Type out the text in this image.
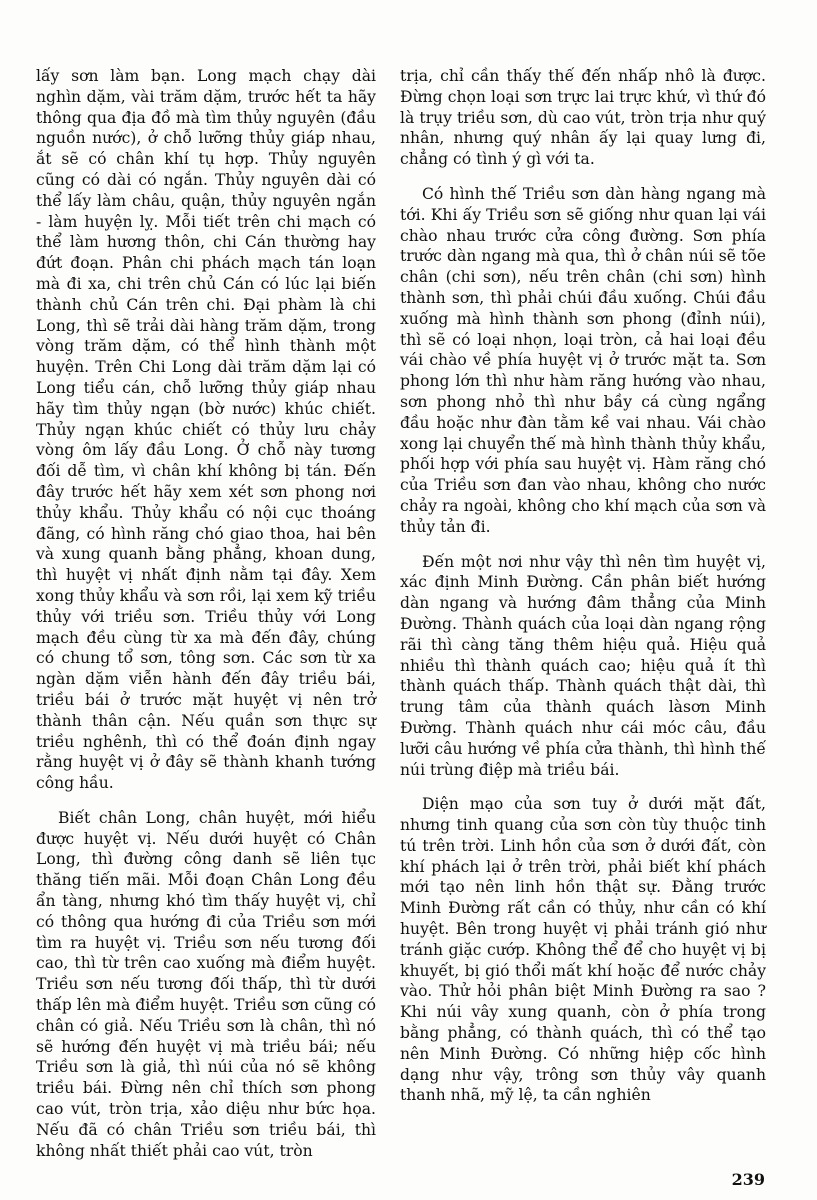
lấy sơn làm bạn. Long mạch chạy dài nghìn dặm, vài trăm dặm, trước hết ta hãy thông qua địa đồ mà tìm thủy nguyên (đầu nguồn nước), ở chỗ lưỡng thủy giáp nhau, ắt sẽ có chân khí tụ hợp. Thủy nguyên cũng có dài có ngắn. Thủy nguyên dài có thể lấy làm châu, quận, thủy nguyên ngắn - làm huyện lỵ. Mỗi tiết trên chi mạch có thể làm hương thôn, chi Cán thường hay đứt đoạn. Phân chi phách mạch tán loạn mà đi xa, chi trên chủ Cán có lúc lại biến thành chủ Cán trên chi. Đại phàm là chi Long, thì sẽ trải dài hàng trăm dặm, trong vòng trăm dặm, có thể hình thành một huyện. Trên Chi Long dài trăm dặm lại có Long tiểu cán, chỗ lưỡng thủy giáp nhau hãy tìm thủy ngạn (bờ nước) khúc chiết. Thủy ngạn khúc chiết có thủy lưu chảy vòng ôm lấy đầu Long. Ở chỗ này tương đối dễ tìm, vì chân khí không bị tán. Đến đây trước hết hãy xem xét sơn phong nơi thủy khẩu. Thủy khẩu có nội cục thoáng đãng, có hình răng chó giao thoa, hai bên và xung quanh bằng phẳng, khoan dung, thì huyệt vị nhất định nằm tại đây. Xem xong thủy khẩu và sơn rồi, lại xem kỹ triều thủy với triều sơn. Triều thủy với Long mạch đều cùng từ xa mà đến đây, chúng có chung tổ sơn, tông sơn. Các sơn từ xa ngàn dặm viễn hành đến đây triều bái, triều bái ở trước mặt huyệt vị nên trở thành thân cận. Nếu quần sơn thực sự triều nghênh, thì có thể đoán định ngay rằng huyệt vị ở đây sẽ thành khanh tướng công hầu.

Biết chân Long, chân huyệt, mới hiểu được huyệt vị. Nếu dưới huyệt có Chân Long, thì đường công danh sẽ liên tục thăng tiến mãi. Mỗi đoạn Chân Long đều ẩn tàng, nhưng khó tìm thấy huyệt vị, chỉ có thông qua hướng đi của Triều sơn mới tìm ra huyệt vị. Triều sơn nếu tương đối cao, thì từ trên cao xuống mà điểm huyệt. Triều sơn nếu tương đối thấp, thì từ dưới thấp lên mà điểm huyệt. Triều sơn cũng có chân có giả. Nếu Triều sơn là chân, thì nó sẽ hướng đến huyệt vị mà triều bái; nếu Triều sơn là giả, thì núi của nó sẽ không triều bái. Đừng nên chỉ thích sơn phong cao vút, tròn trịa, xảo diệu như bức họa. Nếu đã có chân Triều sơn triều bái, thì không nhất thiết phải cao vút, tròn

trịa, chỉ cần thấy thế đến nhấp nhô là được. Đừng chọn loại sơn trực lai trực khứ, vì thứ đó là trụy triều sơn, dù cao vút, tròn trịa như quý nhân, nhưng quý nhân ấy lại quay lưng đi, chẳng có tình ý gì với ta.

Có hình thế Triều sơn dàn hàng ngang mà tới. Khi ấy Triều sơn sẽ giống như quan lại vái chào nhau trước cửa công đường. Sơn phía trước dàn ngang mà qua, thì ở chân núi sẽ tõe chân (chi sơn), nếu trên chân (chi sơn) hình thành sơn, thì phải chúi đầu xuống. Chúi đầu xuống mà hình thành sơn phong (đỉnh núi), thì sẽ có loại nhọn, loại tròn, cả hai loại đều vái chào về phía huyệt vị ở trước mặt ta. Sơn phong lớn thì như hàm răng hướng vào nhau, sơn phong nhỏ thì như bầy cá cùng ngẩng đầu hoặc như đàn tằm kề vai nhau. Vái chào xong lại chuyển thế mà hình thành thủy khẩu, phối hợp với phía sau huyệt vị. Hàm răng chó của Triều sơn đan vào nhau, không cho nước chảy ra ngoài, không cho khí mạch của sơn và thủy tản đi.

Đến một nơi như vậy thì nên tìm huyệt vị, xác định Minh Đường. Cần phân biết hướng dàn ngang và hướng đâm thẳng của Minh Đường. Thành quách của loại dàn ngang rộng rãi thì càng tăng thêm hiệu quả. Hiệu quả nhiều thì thành quách cao; hiệu quả ít thì thành quách thấp. Thành quách thật dài, thì trung tâm của thành quách làsơn Minh Đường. Thành quách như cái móc câu, đầu lưỡi câu hướng về phía cửa thành, thì hình thế núi trùng điệp mà triều bái.

Diện mạo của sơn tuy ở dưới mặt đất, nhưng tinh quang của sơn còn tùy thuộc tinh tú trên trời. Linh hồn của sơn ở dưới đất, còn khí phách lại ở trên trời, phải biết khí phách mới tạo nên linh hồn thật sự. Đằng trước Minh Đường rất cần có thủy, như cần có khí huyệt. Bên trong huyệt vị phải tránh gió như tránh giặc cướp. Không thể để cho huyệt vị bị khuyết, bị gió thổi mất khí hoặc để nước chảy vào. Thử hỏi phân biệt Minh Đường ra sao ? Khi núi vây xung quanh, còn ở phía trong bằng phẳng, có thành quách, thì có thể tạo nên Minh Đường. Có những hiệp cốc hình dạng như vậy, trông sơn thủy vây quanh thanh nhã, mỹ lệ, ta cần nghiên

239
